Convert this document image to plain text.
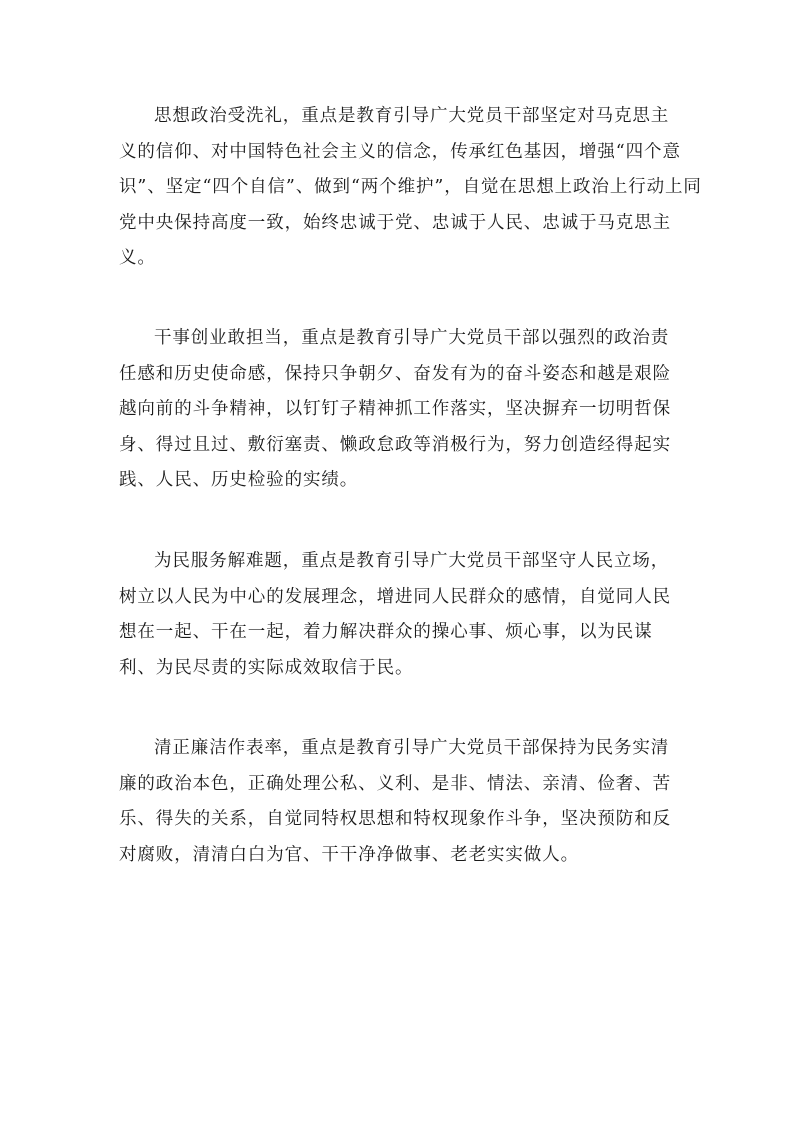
思想政治受洗礼，重点是教育引导广大党员干部坚定对马克思主
义的信仰、对中国特色社会主义的信念，传承红色基因，增强“四个意
识”、坚定“四个自信”、做到“两个维护”，自觉在思想上政治上行动上同
党中央保持高度一致，始终忠诚于党、忠诚于人民、忠诚于马克思主
义。
干事创业敢担当，重点是教育引导广大党员干部以强烈的政治责
任感和历史使命感，保持只争朝夕、奋发有为的奋斗姿态和越是艰险
越向前的斗争精神，以钉钉子精神抓工作落实，坚决摒弃一切明哲保
身、得过且过、敷衍塞责、懒政怠政等消极行为，努力创造经得起实
践、人民、历史检验的实绩。
为民服务解难题，重点是教育引导广大党员干部坚守人民立场，
树立以人民为中心的发展理念，增进同人民群众的感情，自觉同人民
想在一起、干在一起，着力解决群众的操心事、烦心事，以为民谋
利、为民尽责的实际成效取信于民。
清正廉洁作表率，重点是教育引导广大党员干部保持为民务实清
廉的政治本色，正确处理公私、义利、是非、情法、亲清、俭奢、苦
乐、得失的关系，自觉同特权思想和特权现象作斗争，坚决预防和反
对腐败，清清白白为官、干干净净做事、老老实实做人。
